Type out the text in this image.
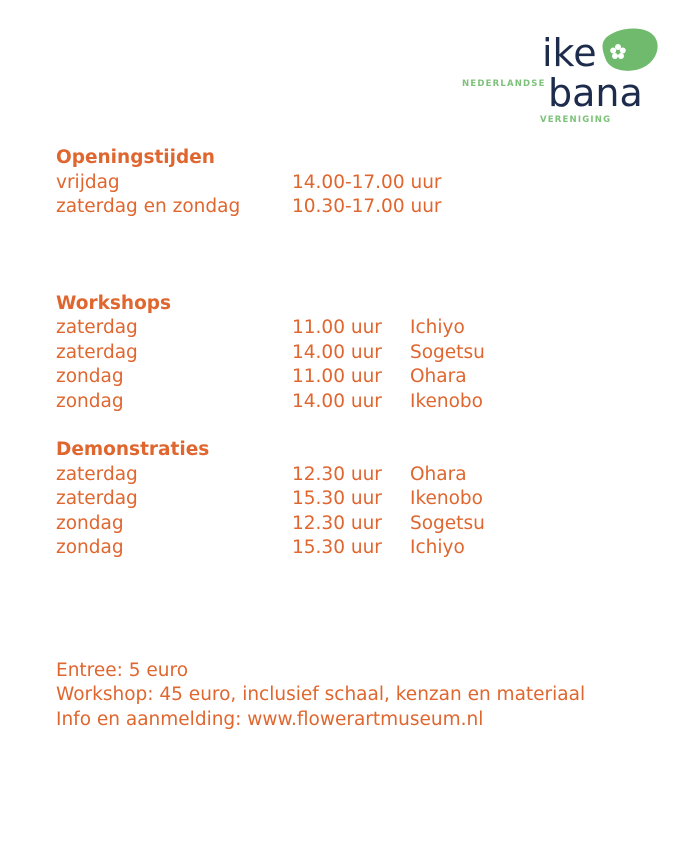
ike
bana
NEDERLANDSE
VERENIGING
Openingstijden
vrijdag	14.00-17.00 uur
zaterdag en zondag	10.30-17.00 uur
Workshops
zaterdag	11.00 uur	Ichiyo
zaterdag	14.00 uur	Sogetsu
zondag	11.00 uur	Ohara
zondag	14.00 uur	Ikenobo
Demonstraties
zaterdag	12.30 uur	Ohara
zaterdag	15.30 uur	Ikenobo
zondag	12.30 uur	Sogetsu
zondag	15.30 uur	Ichiyo
Entree: 5 euro
Workshop: 45 euro, inclusief schaal, kenzan en materiaal
Info en aanmelding: www.flowerartmuseum.nl
